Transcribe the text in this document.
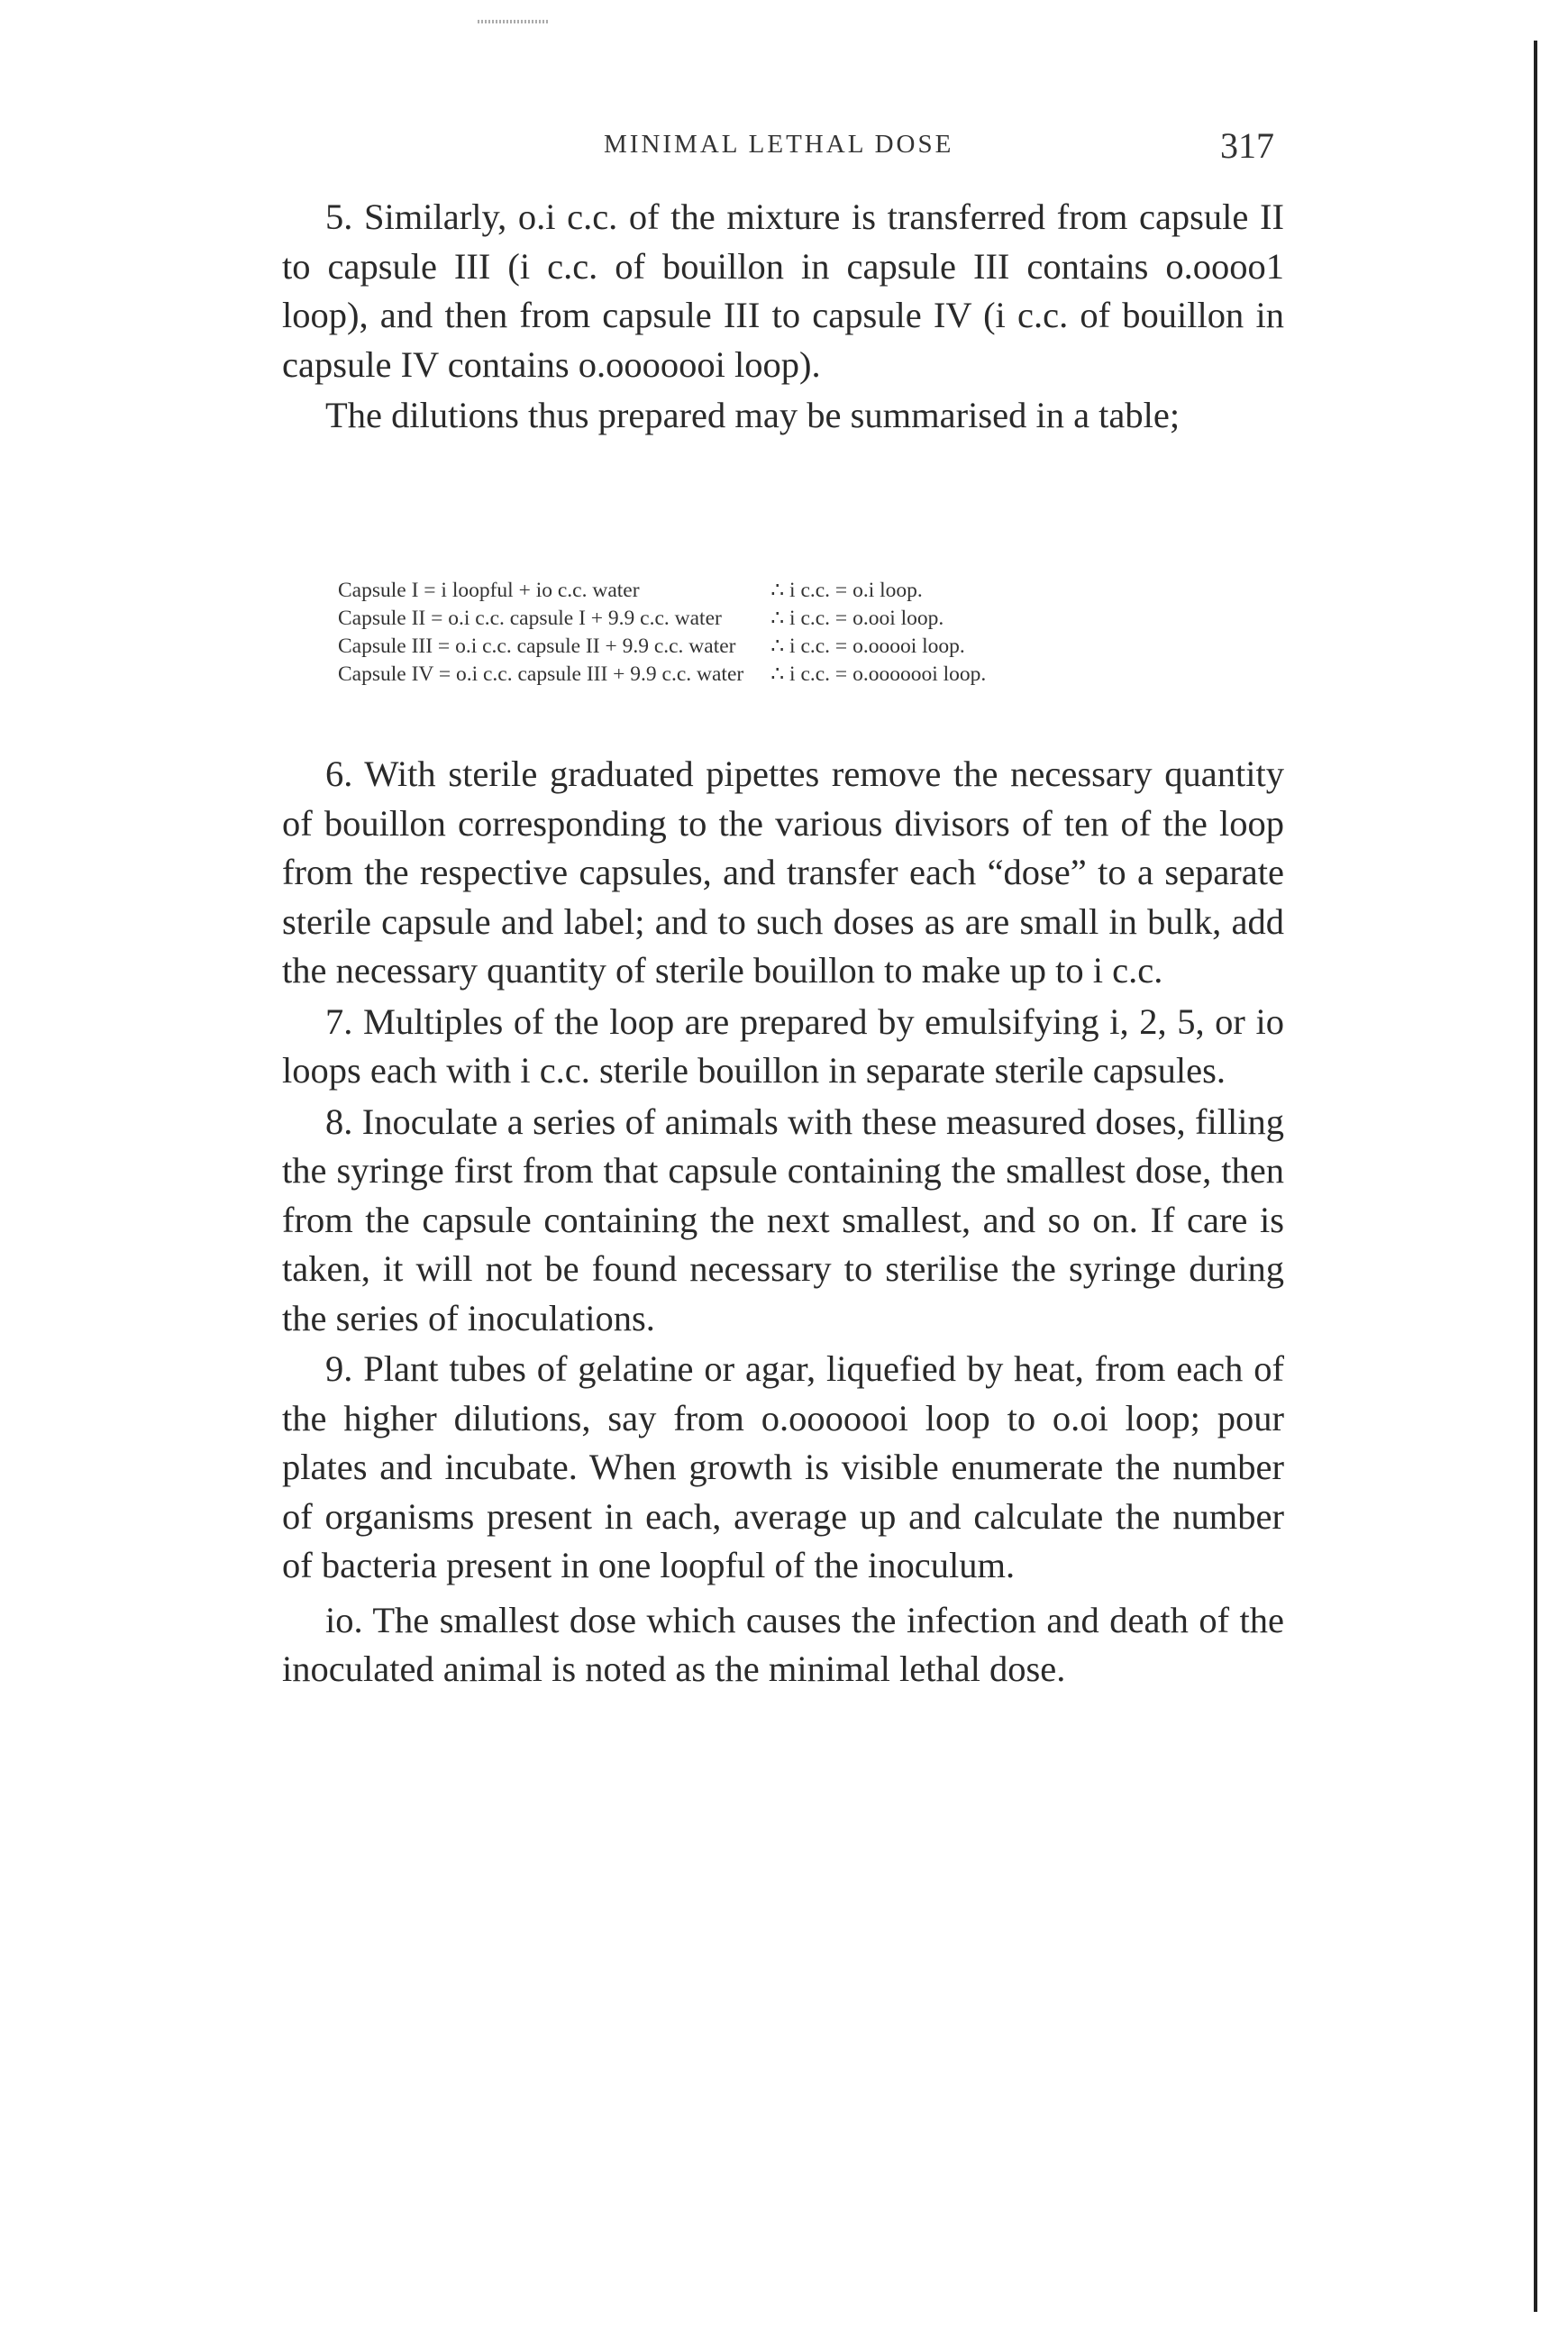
MINIMAL LETHAL DOSE	317

5. Similarly, o.i c.c. of the mixture is transferred from capsule II to capsule III (i c.c. of bouillon in capsule III contains o.oooo1 loop), and then from capsule III to capsule IV (i c.c. of bouillon in capsule IV contains o.ooooooi loop).

The dilutions thus prepared may be summarised in a table;

Capsule I = i loopful + io c.c. water	∴ i c.c. = o.i loop.
Capsule II = o.i c.c. capsule I + 9.9 c.c. water	∴ i c.c. = o.ooi loop.
Capsule III = o.i c.c. capsule II + 9.9 c.c. water	∴ i c.c. = o.ooooi loop.
Capsule IV = o.i c.c. capsule III + 9.9 c.c. water	∴ i c.c. = o.ooooooi loop.

6. With sterile graduated pipettes remove the necessary quantity of bouillon corresponding to the various divisors of ten of the loop from the respective capsules, and transfer each “dose” to a separate sterile capsule and label; and to such doses as are small in bulk, add the necessary quantity of sterile bouillon to make up to i c.c.

7. Multiples of the loop are prepared by emulsifying i, 2, 5, or io loops each with i c.c. sterile bouillon in separate sterile capsules.

8. Inoculate a series of animals with these measured doses, filling the syringe first from that capsule containing the smallest dose, then from the capsule containing the next smallest, and so on. If care is taken, it will not be found necessary to sterilise the syringe during the series of inoculations.

9. Plant tubes of gelatine or agar, liquefied by heat, from each of the higher dilutions, say from o.ooooooi loop to o.oi loop; pour plates and incubate. When growth is visible enumerate the number of organisms present in each, average up and calculate the number of bacteria present in one loopful of the inoculum.

io. The smallest dose which causes the infection and death of the inoculated animal is noted as the minimal lethal dose.
